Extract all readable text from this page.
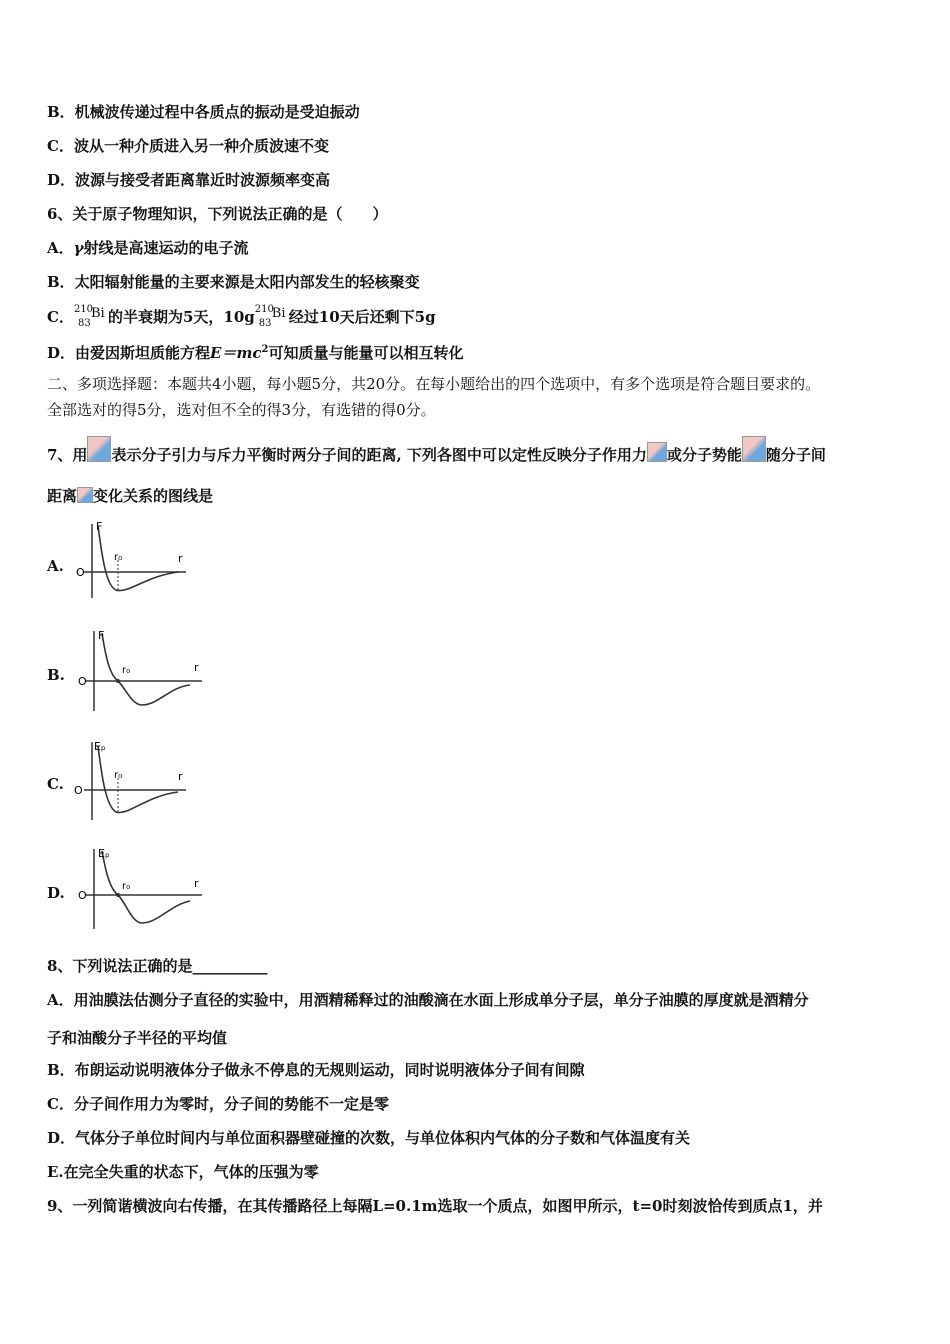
B．机械波传递过程中各质点的振动是受迫振动
C．波从一种介质进入另一种介质波速不变
D．波源与接受者距离靠近时波源频率变高
6、关于原子物理知识，下列说法正确的是（　　）
A．γ射线是高速运动的电子流
B．太阳辐射能量的主要来源是太阳内部发生的轻核聚变
C． 210
83
Bi 的半衰期为5天，10g 210
83
Bi 经过10天后还剩下5g
D．由爱因斯坦质能方程$E=mc^2$可知质量与能量可以相互转化
二、多项选择题：本题共4小题，每小题5分，共20分。在每小题给出的四个选项中，有多个选项是符合题目要求的。
全部选对的得5分，选对但不全的得3分，有选错的得0分。
7、用 表示分子引力与斥力平衡时两分子间的距离, 下列各图中可以定性反映分子作用力 或分子势能 随分子间
距离 变化关系的图线是
A.
F
r₀	r
O
B.
F
r₀	r
O
C.
Eₚ
r₀	r
O
D.
Eₚ
r₀	r
O
8、下列说法正确的是__________
A．用油膜法估测分子直径的实验中，用酒精稀释过的油酸滴在水面上形成单分子层，单分子油膜的厚度就是酒精分
子和油酸分子半径的平均值
B．布朗运动说明液体分子做永不停息的无规则运动，同时说明液体分子间有间隙
C．分子间作用力为零时，分子间的势能不一定是零
D．气体分子单位时间内与单位面积器壁碰撞的次数，与单位体积内气体的分子数和气体温度有关
E.在完全失重的状态下，气体的压强为零
9、一列简谐横波向右传播，在其传播路径上每隔L=0.1m选取一个质点，如图甲所示，t=0时刻波恰传到质点1，并
